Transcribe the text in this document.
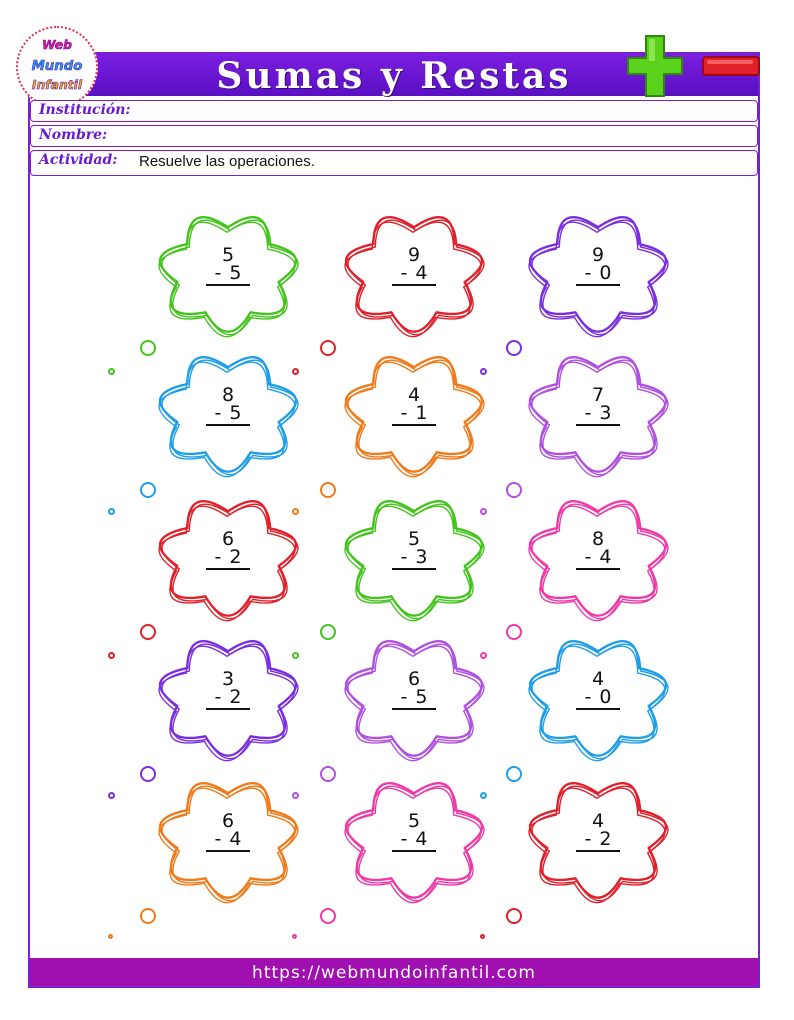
Sumas y Restas
Web
Mundo
Infantil
Institución:
Nombre:
Actividad: Resuelve las operaciones.
5
- 5
9
- 4
9
- 0
8
- 5
4
- 1
7
- 3
6
- 2
5
- 3
8
- 4
3
- 2
6
- 5
4
- 0
6
- 4
5
- 4
4
- 2
https://webmundoinfantil.com
